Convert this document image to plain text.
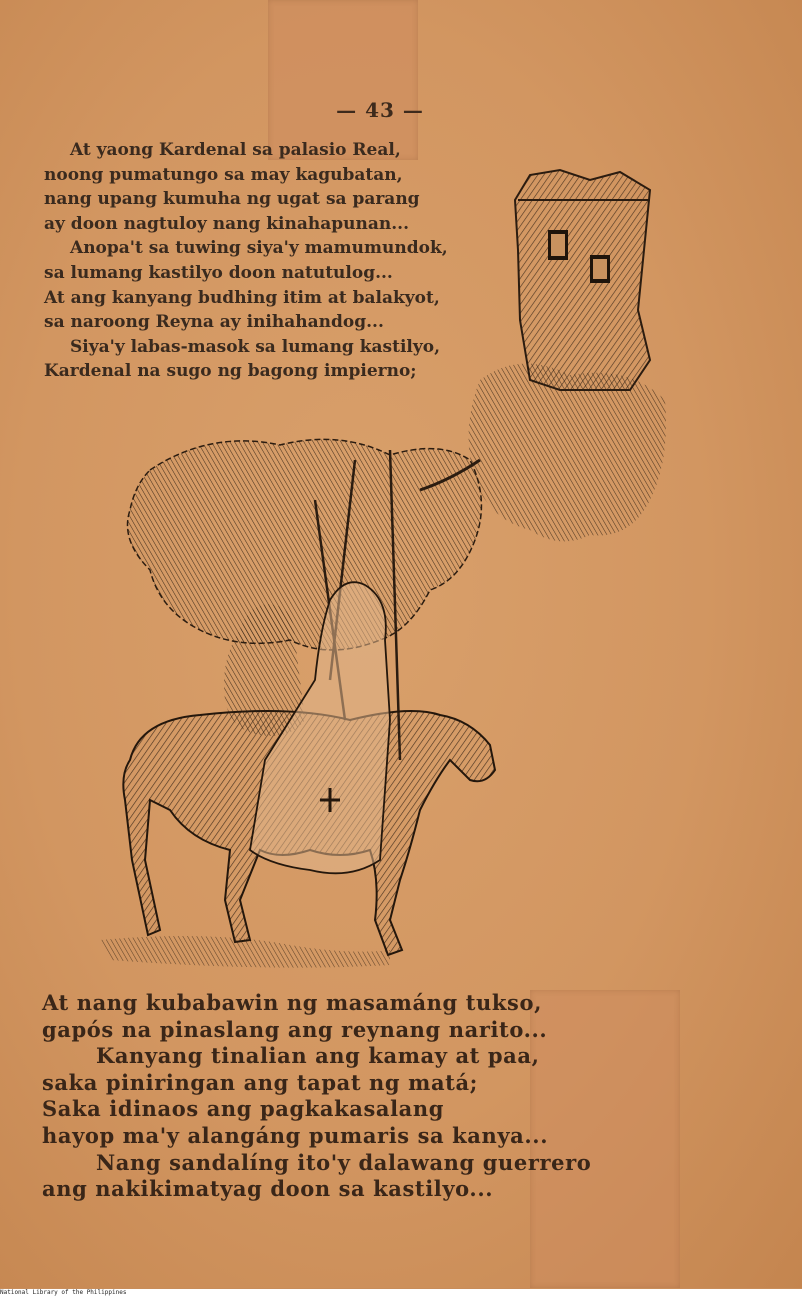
— 43 —
At yaong Kardenal sa palasio Real,
noong pumatungo sa may kagubatan,
nang upang kumuha ng ugat sa parang
ay doon nagtuloy nang kinahapunan...
Anopa't sa tuwing siya'y mamumundok,
sa lumang kastilyo doon natutulog...
At ang kanyang budhing itim at balakyot,
sa naroong Reyna ay inihahandog...
Siya'y labas-masok sa lumang kastilyo,
Kardenal na sugo ng bagong impierno;
At nang kubabawin ng masamáng tukso,
gapós na pinaslang ang reynang narito...
Kanyang tinalian ang kamay at paa,
saka piniringan ang tapat ng matá;
Saka idinaos ang pagkakasalang
hayop ma'y alangáng pumaris sa kanya...
Nang sandalíng ito'y dalawang guerrero
ang nakikimatyag doon sa kastilyo...
National Library of the Philippines
